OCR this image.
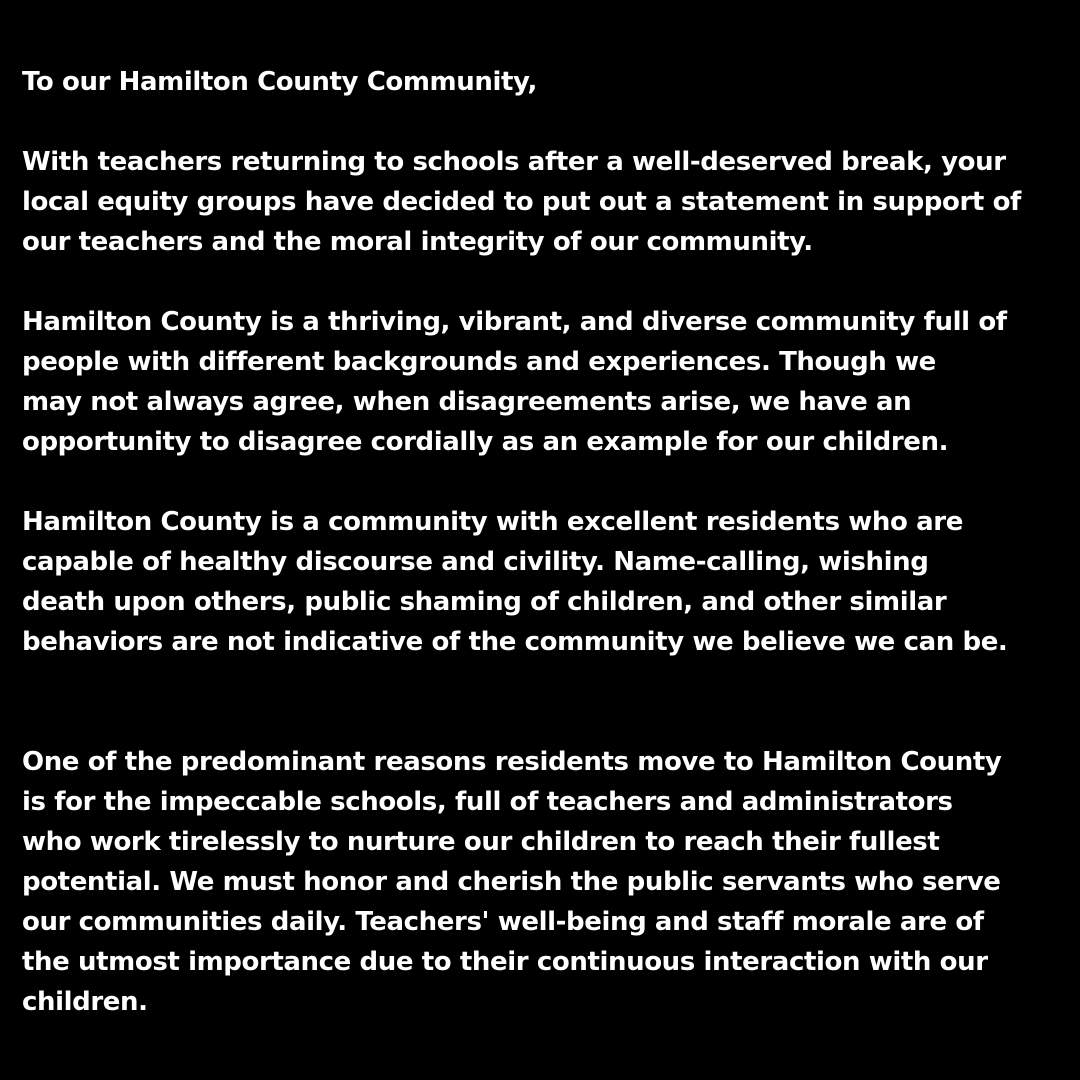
To our Hamilton County Community,

With teachers returning to schools after a well-deserved break, your
local equity groups have decided to put out a statement in support of
our teachers and the moral integrity of our community.

Hamilton County is a thriving, vibrant, and diverse community full of
people with different backgrounds and experiences. Though we
may not always agree, when disagreements arise, we have an
opportunity to disagree cordially as an example for our children.

Hamilton County is a community with excellent residents who are
capable of healthy discourse and civility. Name-calling, wishing
death upon others, public shaming of children, and other similar
behaviors are not indicative of the community we believe we can be.

One of the predominant reasons residents move to Hamilton County
is for the impeccable schools, full of teachers and administrators
who work tirelessly to nurture our children to reach their fullest
potential. We must honor and cherish the public servants who serve
our communities daily. Teachers' well-being and staff morale are of
the utmost importance due to their continuous interaction with our
children.
